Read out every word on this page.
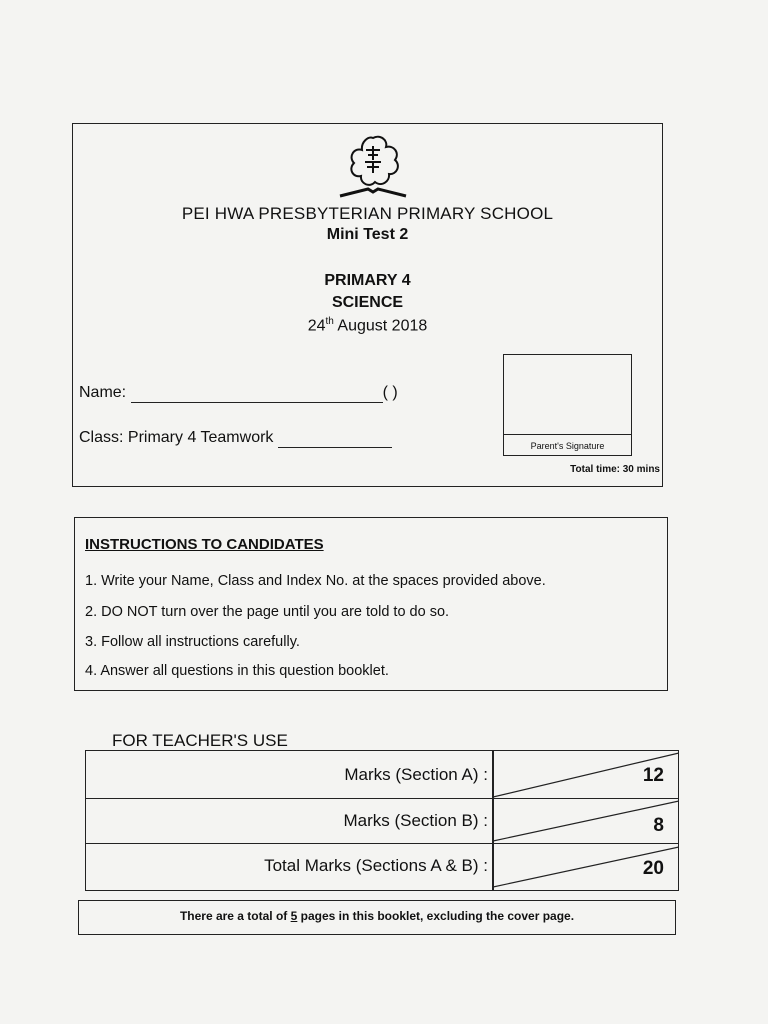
PEI HWA PRESBYTERIAN PRIMARY SCHOOL
Mini Test 2
PRIMARY 4
SCIENCE
24th August 2018
Name:	( )
Class: Primary 4 Teamwork	Parent's Signature
Total time: 30 mins
INSTRUCTIONS TO CANDIDATES
1. Write your Name, Class and Index No. at the spaces provided above.
2. DO NOT turn over the page until you are told to do so.
3. Follow all instructions carefully.
4. Answer all questions in this question booklet.
FOR TEACHER'S USE
Marks (Section A) :	12
Marks (Section B) :	8
Total Marks (Sections A & B) :	20
There are a total of 5 pages in this booklet, excluding the cover page.
